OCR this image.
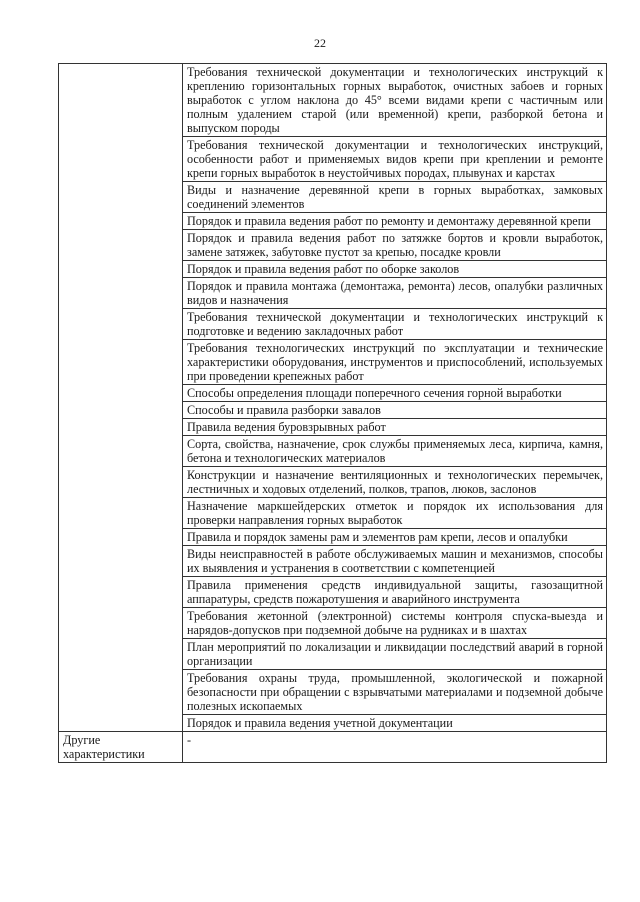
22
	Требования технической документации и технологических инструкций к креплению горизонтальных горных выработок, очистных забоев и горных выработок с углом наклона до 45° всеми видами крепи с частичным или полным удалением старой (или временной) крепи, разборкой бетона и выпуском породы
	Требования технической документации и технологических инструкций, особенности работ и применяемых видов крепи при креплении и ремонте крепи горных выработок в неустойчивых породах, плывунах и карстах
	Виды и назначение деревянной крепи в горных выработках, замковых соединений элементов
	Порядок и правила ведения работ по ремонту и демонтажу деревянной крепи
	Порядок и правила ведения работ по затяжке бортов и кровли выработок, замене затяжек, забутовке пустот за крепью, посадке кровли
	Порядок и правила ведения работ по оборке заколов
	Порядок и правила монтажа (демонтажа, ремонта) лесов, опалубки различных видов и назначения
	Требования технической документации и технологических инструкций к подготовке и ведению закладочных работ
	Требования технологических инструкций по эксплуатации и технические характеристики оборудования, инструментов и приспособлений, используемых при проведении крепежных работ
	Способы определения площади поперечного сечения горной выработки
	Способы и правила разборки завалов
	Правила ведения буровзрывных работ
	Сорта, свойства, назначение, срок службы применяемых леса, кирпича, камня, бетона и технологических материалов
	Конструкции и назначение вентиляционных и технологических перемычек, лестничных и ходовых отделений, полков, трапов, люков, заслонов
	Назначение маркшейдерских отметок и порядок их использования для проверки направления горных выработок
	Правила и порядок замены рам и элементов рам крепи, лесов и опалубки
	Виды неисправностей в работе обслуживаемых машин и механизмов, способы их выявления и устранения в соответствии с компетенцией
	Правила применения средств индивидуальной защиты, газозащитной аппаратуры, средств пожаротушения и аварийного инструмента
	Требования жетонной (электронной) системы контроля спуска-выезда и нарядов-допусков при подземной добыче на рудниках и в шахтах
	План мероприятий по локализации и ликвидации последствий аварий в горной организации
	Требования охраны труда, промышленной, экологической и пожарной безопасности при обращении с взрывчатыми материалами и подземной добыче полезных ископаемых
	Порядок и правила ведения учетной документации
Другие характеристики	-
